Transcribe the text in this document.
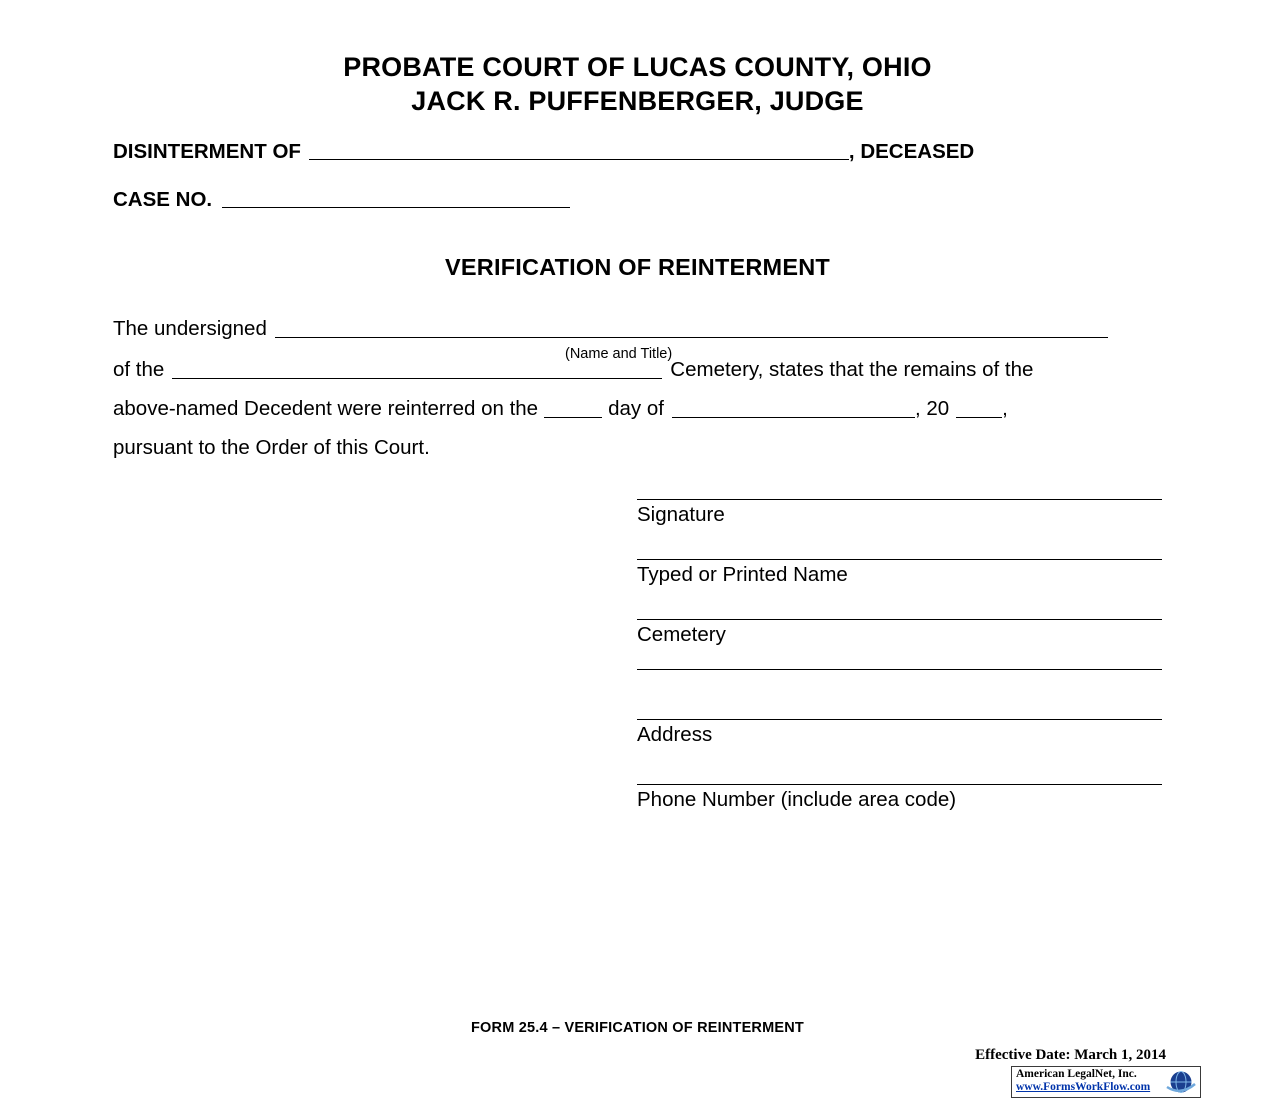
PROBATE COURT OF LUCAS COUNTY, OHIO
JACK R. PUFFENBERGER, JUDGE
DISINTERMENT OF	, DECEASED
CASE NO.
VERIFICATION OF REINTERMENT
The undersigned
(Name and Title)
of the	Cemetery, states that the remains of the
above-named Decedent were reinterred on the	day of	, 20	,
pursuant to the Order of this Court.
Signature
Typed or Printed Name
Cemetery
Address
Phone Number (include area code)
FORM 25.4 – VERIFICATION OF REINTERMENT
Effective Date: March 1, 2014
American LegalNet, Inc.
www.FormsWorkFlow.com
